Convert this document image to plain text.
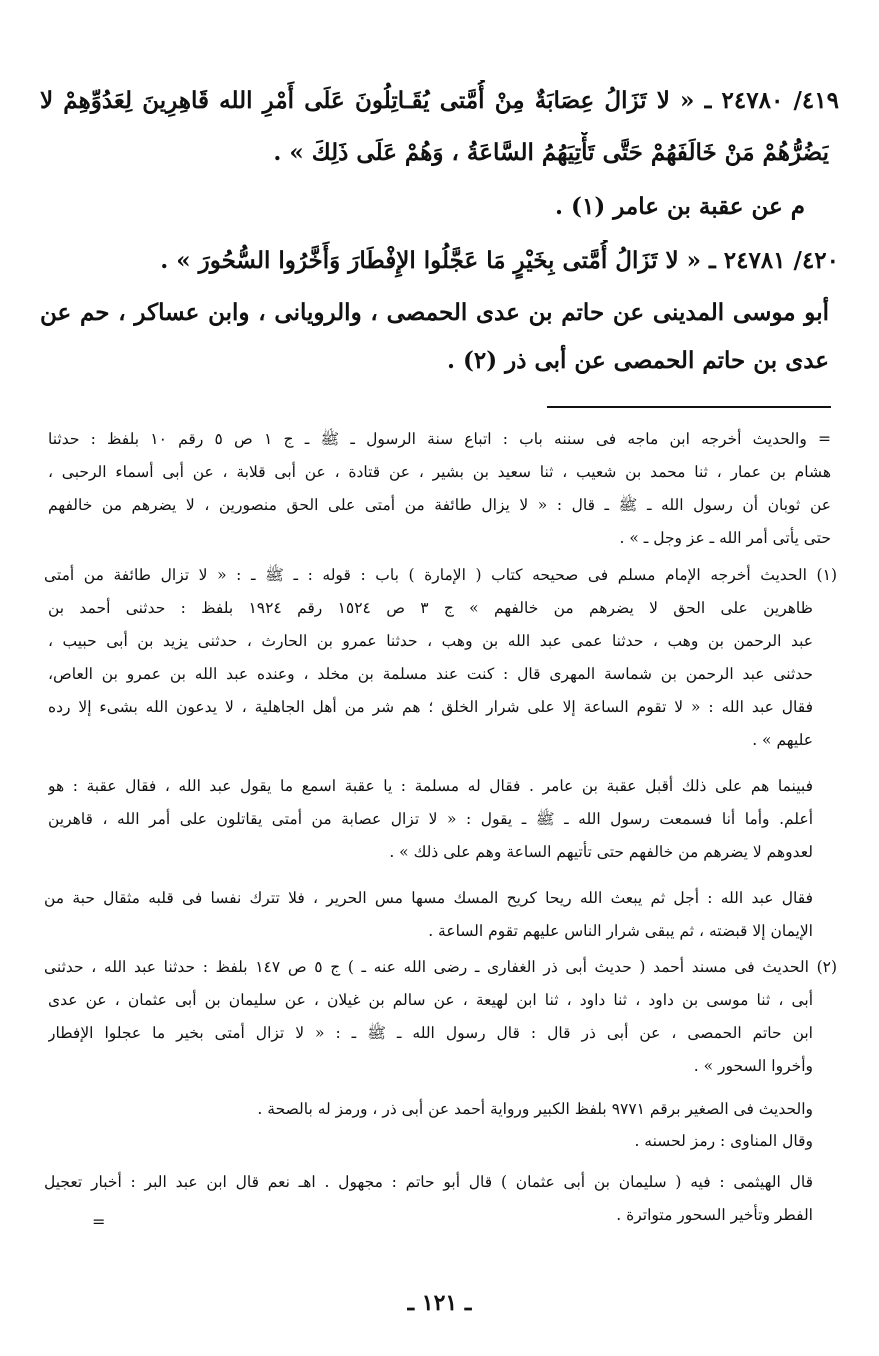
٤١٩/ ٢٤٧٨٠ ـ « لا تَزَالُ عِصَابَةٌ مِنْ أُمَّتى يُقَـاتِلُونَ عَلَى أَمْرِ الله قَاهِرِينَ لِعَدُوِّهِمْ لا
يَضُرُّهُمْ مَنْ خَالَفَهُمْ حَتَّى تَأْتِيَهُمُ السَّاعَةُ ، وَهُمْ عَلَى ذَلِكَ » .
م عن عقبة بن عامر (١) .
٤٢٠/ ٢٤٧٨١ ـ « لا تَزَالُ أُمَّتى بِخَيْرٍ مَا عَجَّلُوا الإِفْطَارَ وَأَخَّرُوا السُّحُورَ » .
أبو موسى المدينى عن حاتم بن عدى الحمصى ، والرويانى ، وابن عساكر ، حم عن
عدى بن حاتم الحمصى عن أبى ذر (٢) .
= والحديث أخرجه ابن ماجه فى سننه باب : اتباع سنة الرسول ـ ﷺ ـ ج ١ ص ٥ رقم ١٠ بلفظ : حدثنا
هشام بن عمار ، ثنا محمد بن شعيب ، ثنا سعيد بن بشير ، عن قتادة ، عن أبى قلابة ، عن أبى أسماء الرحبى ،
عن ثوبان أن رسول الله ـ ﷺ ـ قال : « لا يزال طائفة من أمتى على الحق منصورين ، لا يضرهم من خالفهم
حتى يأتى أمر الله ـ عز وجل ـ » .
(١) الحديث أخرجه الإمام مسلم فى صحيحه كتاب ( الإمارة ) باب : قوله : ـ ﷺ ـ : « لا تزال طائفة من أمتى
ظاهرين على الحق لا يضرهم من خالفهم » ج ٣ ص ١٥٢٤ رقم ١٩٢٤ بلفظ : حدثنى أحمد بن
عبد الرحمن بن وهب ، حدثنا عمى عبد الله بن وهب ، حدثنا عمرو بن الحارث ، حدثنى يزيد بن أبى حبيب ،
حدثنى عبد الرحمن بن شماسة المهرى قال : كنت عند مسلمة بن مخلد ، وعنده عبد الله بن عمرو بن العاص،
فقال عبد الله : « لا تقوم الساعة إلا على شرار الخلق ؛ هم شر من أهل الجاهلية ، لا يدعون الله بشىء إلا رده
عليهم » .
فبينما هم على ذلك أقبل عقبة بن عامر . فقال له مسلمة : يا عقبة اسمع ما يقول عبد الله ، فقال عقبة : هو
أعلم. وأما أنا فسمعت رسول الله ـ ﷺ ـ يقول : « لا تزال عصابة من أمتى يقاتلون على أمر الله ، قاهرين
لعدوهم لا يضرهم من خالفهم حتى تأتيهم الساعة وهم على ذلك » .
فقال عبد الله : أجل ثم يبعث الله ريحا كريح المسك مسها مس الحرير ، فلا تترك نفسا فى قلبه مثقال حبة من
الإيمان إلا قبضته ، ثم يبقى شرار الناس عليهم تقوم الساعة .
(٢) الحديث فى مسند أحمد ( حديث أبى ذر الغفارى ـ رضى الله عنه ـ ) ج ٥ ص ١٤٧ بلفظ : حدثنا عبد الله ، حدثنى
أبى ، ثنا موسى بن داود ، ثنا داود ، ثنا ابن لهيعة ، عن سالم بن غيلان ، عن سليمان بن أبى عثمان ، عن عدى
ابن حاتم الحمصى ، عن أبى ذر قال : قال رسول الله ـ ﷺ ـ : « لا تزال أمتى بخير ما عجلوا الإفطار
وأخروا السحور » .
والحديث فى الصغير برقم ٩٧٧١ بلفظ الكبير ورواية أحمد عن أبى ذر ، ورمز له بالصحة .
وقال المناوى : رمز لحسنه .
قال الهيثمى : فيه ( سليمان بن أبى عثمان ) قال أبو حاتم : مجهول . اهـ نعم قال ابن عبد البر : أخبار تعجيل
الفطر وتأخير السحور متواترة .
=
ـ ١٢١ ـ
